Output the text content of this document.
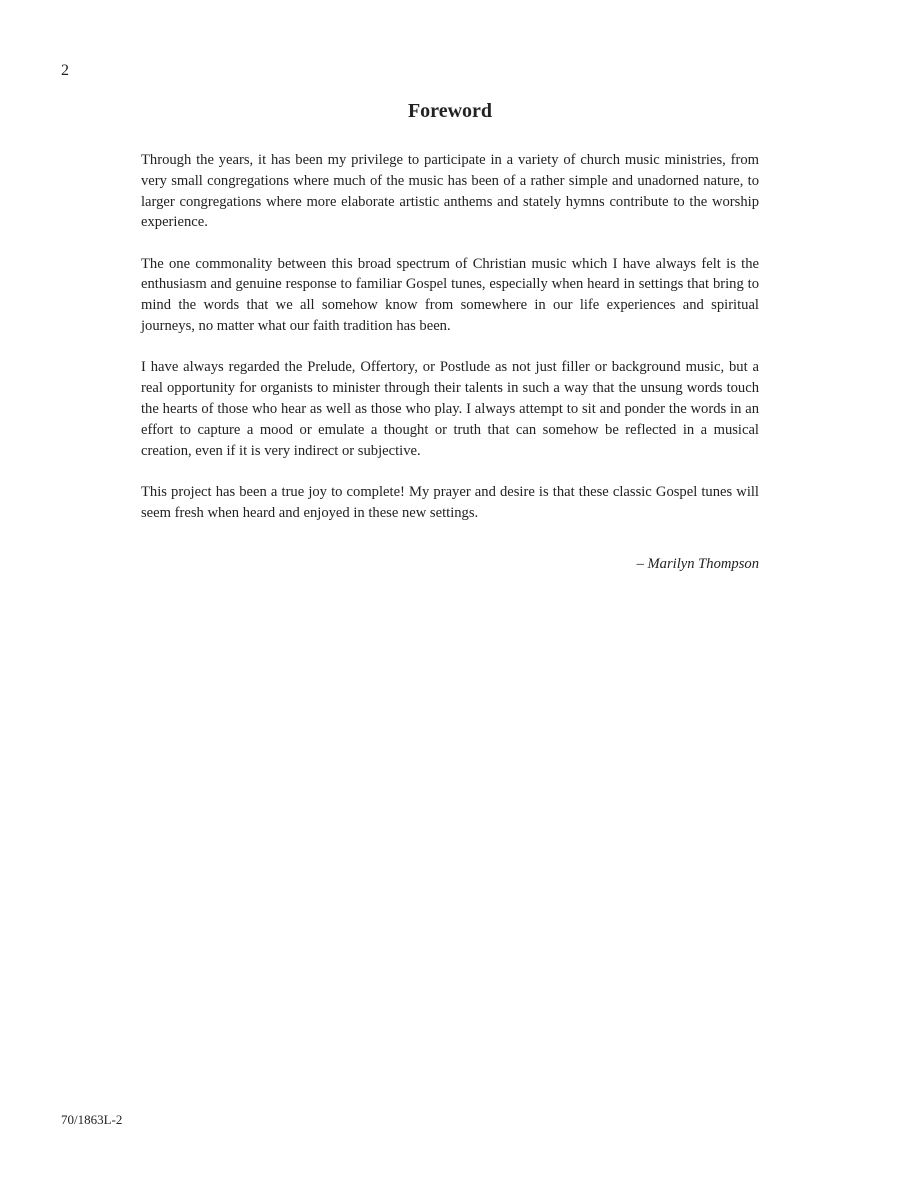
2
Foreword

Through the years, it has been my privilege to participate in a variety of church music ministries, from very small congregations where much of the music has been of a rather simple and unadorned nature, to larger congregations where more elaborate artistic anthems and stately hymns contribute to the worship experience.

The one commonality between this broad spectrum of Christian music which I have always felt is the enthusiasm and genuine response to familiar Gospel tunes, especially when heard in settings that bring to mind the words that we all somehow know from somewhere in our life experiences and spiritual journeys, no matter what our faith tradition has been.

I have always regarded the Prelude, Offertory, or Postlude as not just filler or background music, but a real opportunity for organists to minister through their talents in such a way that the unsung words touch the hearts of those who hear as well as those who play. I always attempt to sit and ponder the words in an effort to capture a mood or emulate a thought or truth that can somehow be reflected in a musical creation, even if it is very indirect or subjective.

This project has been a true joy to complete! My prayer and desire is that these classic Gospel tunes will seem fresh when heard and enjoyed in these new settings.

– Marilyn Thompson
70/1863L-2
